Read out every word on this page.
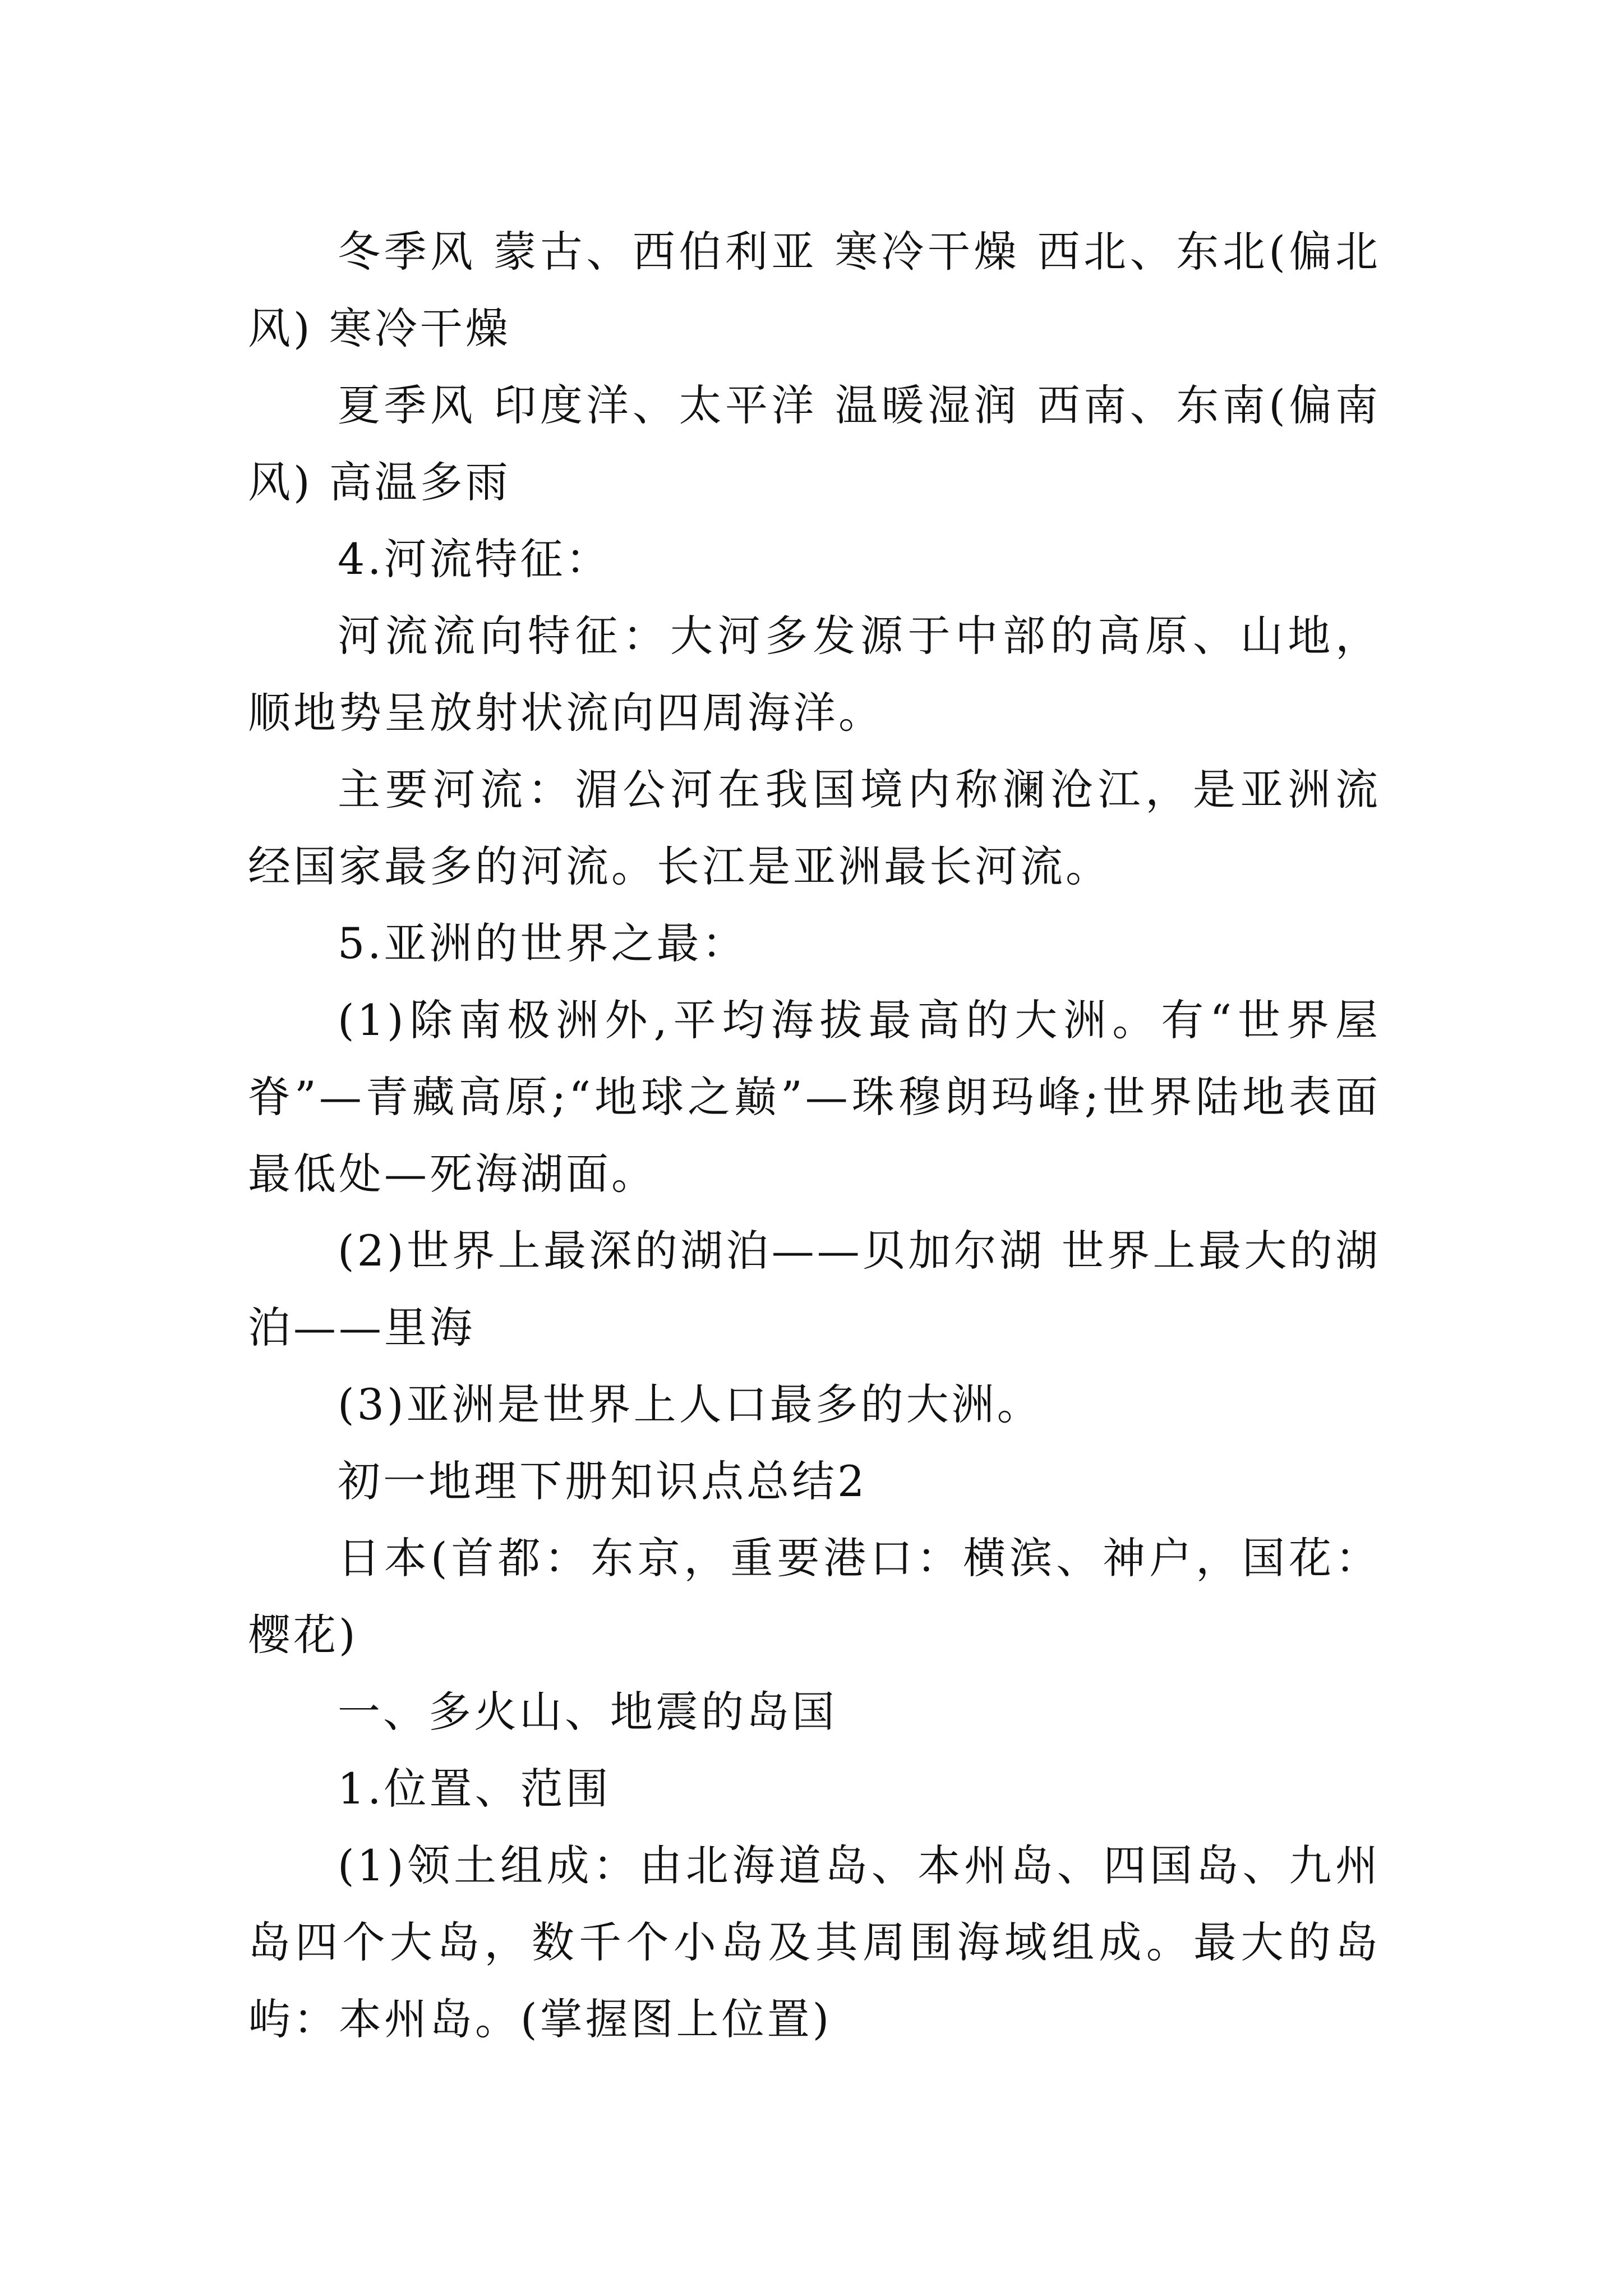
冬季风 蒙古、西伯利亚 寒冷干燥 西北、东北(偏北风) 寒冷干燥

夏季风 印度洋、太平洋 温暖湿润 西南、东南(偏南风) 高温多雨

4.河流特征：

河流流向特征：大河多发源于中部的高原、山地，顺地势呈放射状流向四周海洋。

主要河流：湄公河在我国境内称澜沧江，是亚洲流经国家最多的河流。长江是亚洲最长河流。

5.亚洲的世界之最：

(1)除南极洲外,平均海拔最高的大洲。有“世界屋脊”—青藏高原;“地球之巅”—珠穆朗玛峰;世界陆地表面最低处—死海湖面。

(2)世界上最深的湖泊——贝加尔湖 世界上最大的湖泊——里海

(3)亚洲是世界上人口最多的大洲。

初一地理下册知识点总结2

日本(首都：东京，重要港口：横滨、神户，国花：樱花)

一、多火山、地震的岛国

1.位置、范围

(1)领土组成：由北海道岛、本州岛、四国岛、九州岛四个大岛，数千个小岛及其周围海域组成。最大的岛屿：本州岛。(掌握图上位置)
